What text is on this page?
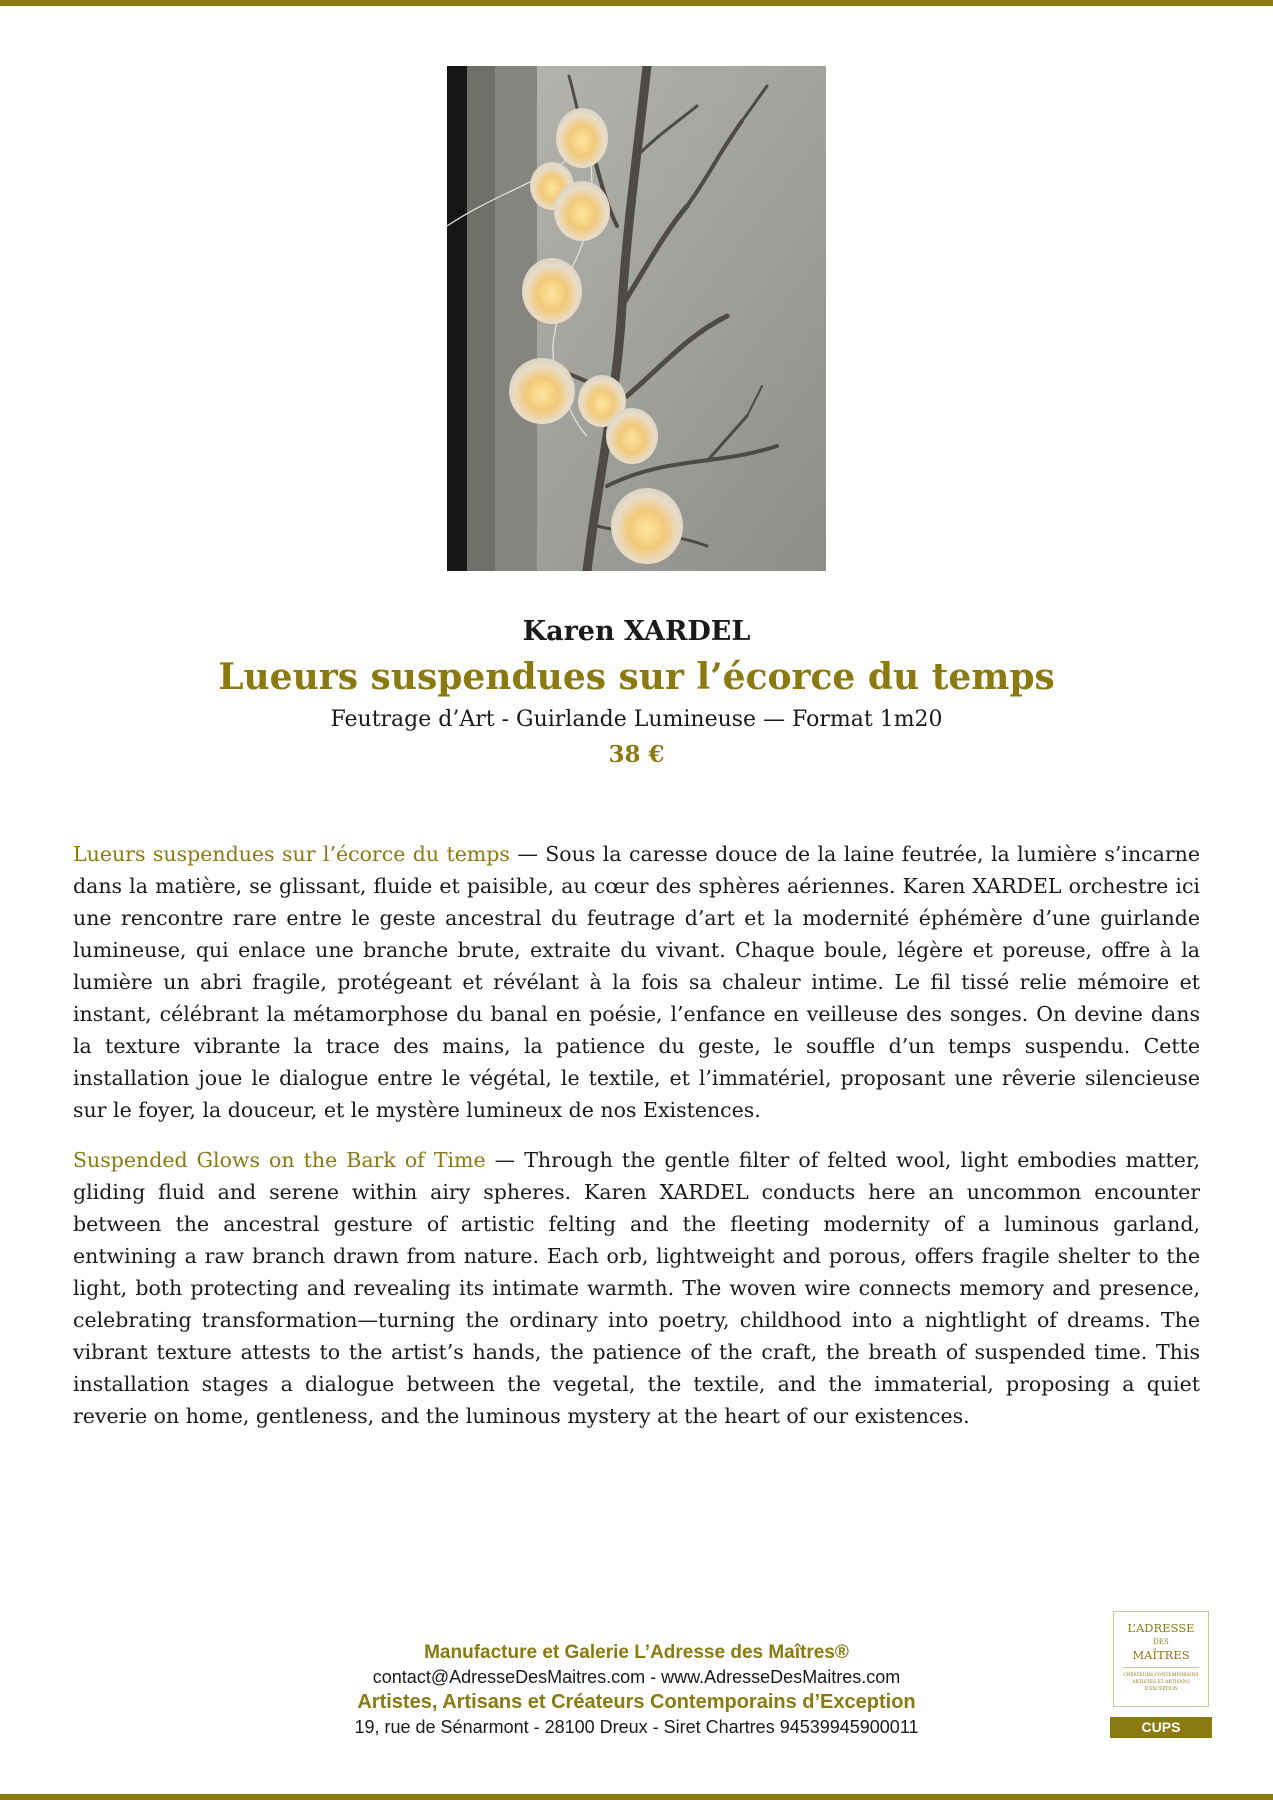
Karen XARDEL
Lueurs suspendues sur l’écorce du temps
Feutrage d’Art - Guirlande Lumineuse — Format 1m20
38 €

Lueurs suspendues sur l’écorce du temps — Sous la caresse douce de la laine feutrée, la lumière s’incarne dans la matière, se glissant, fluide et paisible, au cœur des sphères aériennes. Karen XARDEL orchestre ici une rencontre rare entre le geste ancestral du feutrage d’art et la modernité éphémère d’une guirlande lumineuse, qui enlace une branche brute, extraite du vivant. Chaque boule, légère et poreuse, offre à la lumière un abri fragile, protégeant et révélant à la fois sa chaleur intime. Le fil tissé relie mémoire et instant, célébrant la métamorphose du banal en poésie, l’enfance en veilleuse des songes. On devine dans la texture vibrante la trace des mains, la patience du geste, le souffle d’un temps suspendu. Cette installation joue le dialogue entre le végétal, le textile, et l’immatériel, proposant une rêverie silencieuse sur le foyer, la douceur, et le mystère lumineux de nos Existences.

Suspended Glows on the Bark of Time — Through the gentle filter of felted wool, light embodies matter, gliding fluid and serene within airy spheres. Karen XARDEL conducts here an uncommon encounter between the ancestral gesture of artistic felting and the fleeting modernity of a luminous garland, entwining a raw branch drawn from nature. Each orb, lightweight and porous, offers fragile shelter to the light, both protecting and revealing its intimate warmth. The woven wire connects memory and presence, celebrating transformation—turning the ordinary into poetry, childhood into a nightlight of dreams. The vibrant texture attests to the artist’s hands, the patience of the craft, the breath of suspended time. This installation stages a dialogue between the vegetal, the textile, and the immaterial, proposing a quiet reverie on home, gentleness, and the luminous mystery at the heart of our existences.

Manufacture et Galerie L’Adresse des Maîtres®
contact@AdresseDesMaitres.com - www.AdresseDesMaitres.com
Artistes, Artisans et Créateurs Contemporains d’Exception
19, rue de Sénarmont - 28100 Dreux - Siret Chartres 94539945900011
L’ADRESSE
DES
MAÎTRES
CRÉATEURS CONTEMPORAINS ARTISTES ET ARTISANS D’EXCEPTION
CUPS
